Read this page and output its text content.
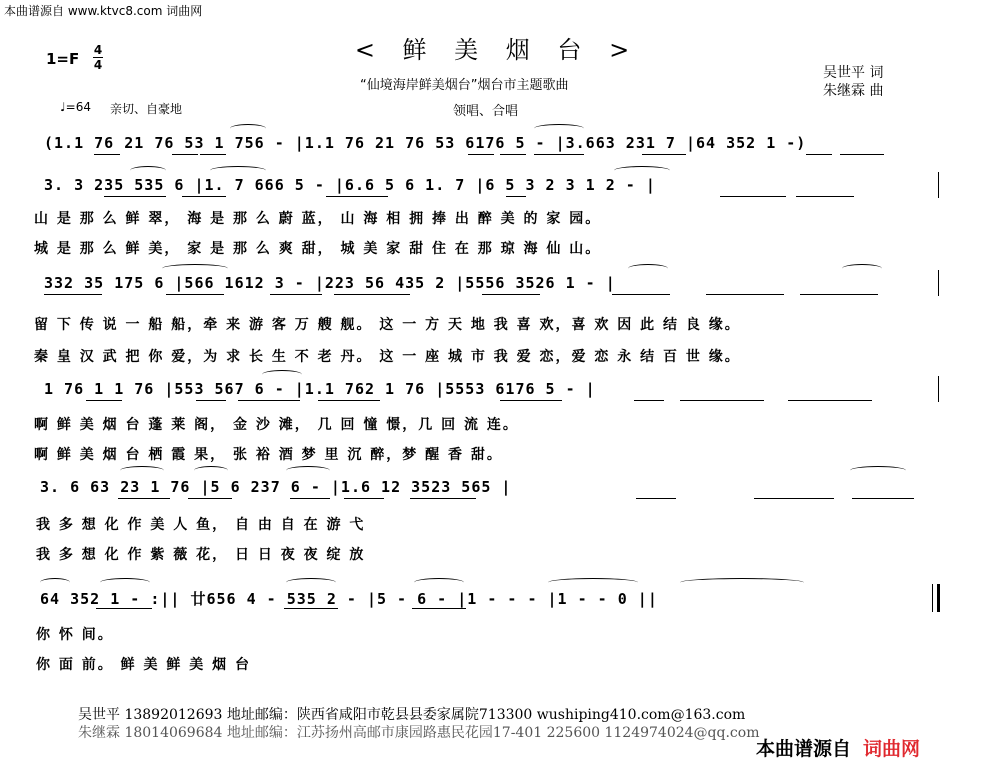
本曲谱源自 www.ktvc8.com 词曲网
< 鲜 美 烟 台 >
“仙境海岸鲜美烟台”烟台市主题歌曲
领唱、合唱
吴世平 词
朱继霖 曲
1=F 4
4
♩=64 亲切、自豪地
(1.1 76 21 76 53 1 756 - |1.1 76 21 76 53 6176 5 - |3.663 231 7 |64 352 1 -)
3. 3 235 535 6 |1. 7 666 5 - |6.6 5 6 1. 7 |6 5 3 2 3 1 2 - |
山 是 那 么 鲜 翠， 海 是 那 么 蔚 蓝， 山 海 相 拥 捧 出 醉 美 的 家 园。
城 是 那 么 鲜 美， 家 是 那 么 爽 甜， 城 美 家 甜 住 在 那 琼 海 仙 山。
332 35 175 6 |566 1612 3 - |223 56 435 2 |5556 3526 1 - |
留 下 传 说 一 船 船，牵 来 游 客 万 艘 舰。 这 一 方 天 地 我 喜 欢，喜 欢 因 此 结 良 缘。
秦 皇 汉 武 把 你 爱，为 求 长 生 不 老 丹。 这 一 座 城 市 我 爱 恋，爱 恋 永 结 百 世 缘。
1 76 1 1 76 |553 567 6 - |1.1 762 1 76 |5553 6176 5 - |
啊 鲜 美 烟 台 蓬 莱 阁， 金 沙 滩， 几 回 憧 憬，几 回 流 连。
啊 鲜 美 烟 台 栖 霞 果， 张 裕 酒 梦 里 沉 醉，梦 醒 香 甜。
3. 6 63 23 1 76 |5 6 237 6 - |1.6 12 3523 565 |
我 多 想 化 作 美 人 鱼， 自 由 自 在 游 弋
我 多 想 化 作 紫 薇 花， 日 日 夜 夜 绽 放
64 352 1 - :|| 廿656 4 - 535 2 - |5 - 6 - |1 - - - |1 - - 0 ||
你 怀 间。
你 面 前。 鲜 美 鲜 美 烟 台
吴世平 13892012693 地址邮编：陕西省咸阳市乾县县委家属院713300 wushiping410.com@163.com
朱继霖 18014069684 地址邮编：江苏扬州高邮市康园路惠民花园17-401 225600 1124974024@qq.com
本曲谱源自 词曲网
